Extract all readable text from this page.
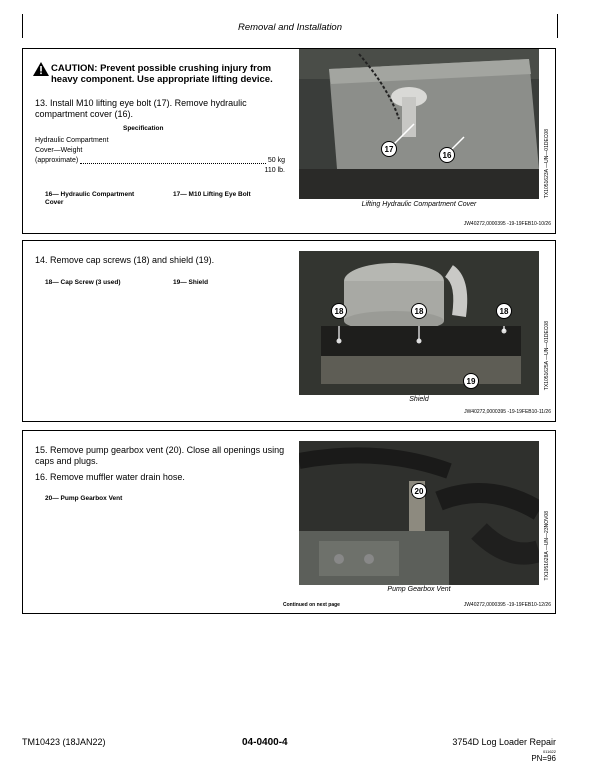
Removal and Installation
CAUTION: Prevent possible crushing injury from heavy component. Use appropriate lifting device.
13. Install M10 lifting eye bolt (17). Remove hydraulic compartment cover (16).
Specification
Hydraulic Compartment
Cover—Weight
(approximate)	50 kg
110 lb.
16— Hydraulic Compartment Cover
17— M10 Lifting Eye Bolt
17
16
Lifting Hydraulic Compartment Cover
TX1051623A —UN—01DEC08
JW40272,0000395 -19-19FEB10-10/26
14. Remove cap screws (18) and shield (19).
18— Cap Screw (3 used)	19— Shield
18	18	18
19
Shield
TX1051625A —UN—01DEC08
JW40272,0000395 -19-19FEB10-11/26
15. Remove pump gearbox vent (20). Close all openings using caps and plugs.
16. Remove muffler water drain hose.
20— Pump Gearbox Vent
20
Pump Gearbox Vent
TX1051628A —UN—23NOV08
Continued on next page	JW40272,0000395 -19-19FEB10-12/26
TM10423 (18JAN22)	04-0400-4	3754D Log Loader Repair
011622
PN=96
